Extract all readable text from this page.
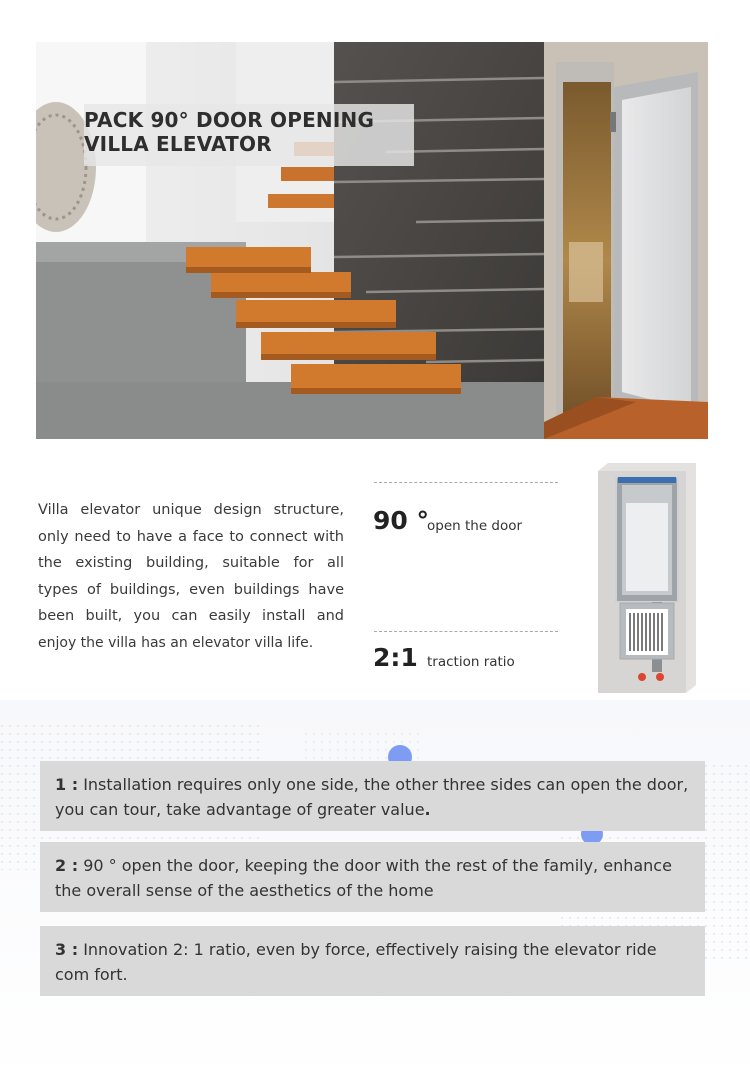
PACK 90° DOOR OPENING
VILLA ELEVATOR
Villa elevator unique design structure,
only need to have a face to connect with
the existing building, suitable for all
types of buildings, even buildings have
been built, you can easily install and
enjoy the villa has an elevator villa life.
90 °
open the door
2:1 traction ratio
1 : Installation requires only one side, the other three sides can open the door, you can tour, take advantage of greater value.
2 : 90 ° open the door, keeping the door with the rest of the family, enhance the overall sense of the aesthetics of the home
3 : Innovation 2: 1 ratio, even by force, effectively raising the elevator ride com fort.
